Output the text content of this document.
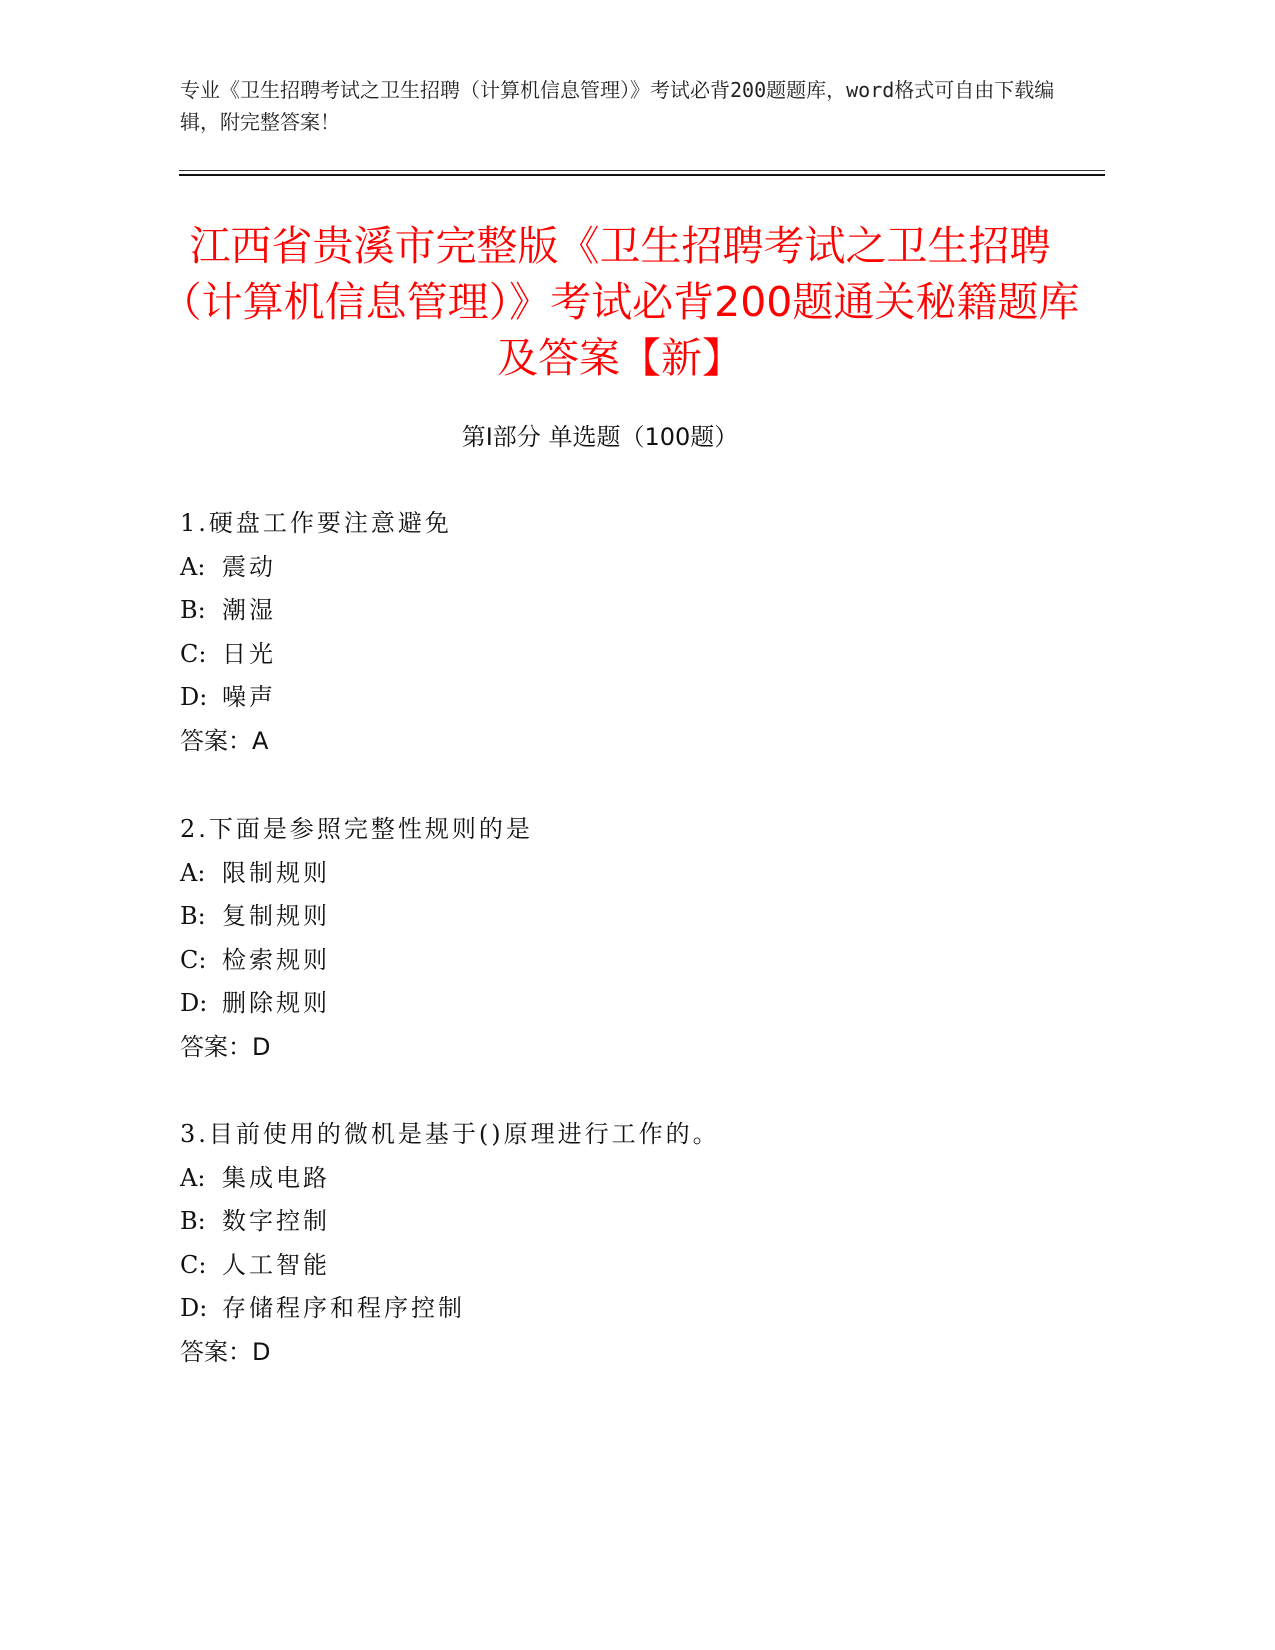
专业《卫生招聘考试之卫生招聘（计算机信息管理）》考试必背200题题库，word格式可自由下载编辑，附完整答案！
江西省贵溪市完整版《卫生招聘考试之卫生招聘（计算机信息管理）》考试必背200题通关秘籍题库及答案【新】
第Ⅰ部分 单选题（100题）
1.硬盘工作要注意避免
A: 震动
B: 潮湿
C: 日光
D: 噪声
答案：A
2.下面是参照完整性规则的是
A: 限制规则
B: 复制规则
C: 检索规则
D: 删除规则
答案：D
3.目前使用的微机是基于()原理进行工作的。
A: 集成电路
B: 数字控制
C: 人工智能
D: 存储程序和程序控制
答案：D
